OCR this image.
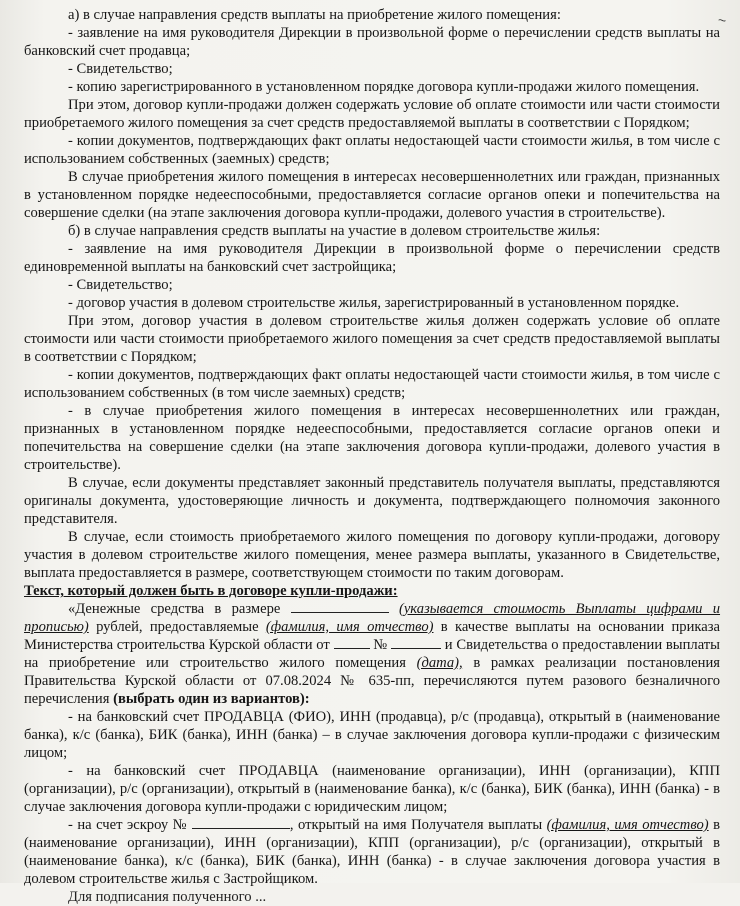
~

а) в случае направления средств выплаты на приобретение жилого помещения:

- заявление на имя руководителя Дирекции в произвольной форме о перечислении средств выплаты на банковский счет продавца;

- Свидетельство;

- копию зарегистрированного в установленном порядке договора купли-продажи жилого помещения.

При этом, договор купли-продажи должен содержать условие об оплате стоимости или части стоимости приобретаемого жилого помещения за счет средств предоставляемой выплаты в соответствии с Порядком;

- копии документов, подтверждающих факт оплаты недостающей части стоимости жилья, в том числе с использованием собственных (заемных) средств;

В случае приобретения жилого помещения в интересах несовершеннолетних или граждан, признанных в установленном порядке недееспособными, предоставляется согласие органов опеки и попечительства на совершение сделки (на этапе заключения договора купли-продажи, долевого участия в строительстве).

б) в случае направления средств выплаты на участие в долевом строительстве жилья:

- заявление на имя руководителя Дирекции в произвольной форме о перечислении средств единовременной выплаты на банковский счет застройщика;

- Свидетельство;

- договор участия в долевом строительстве жилья, зарегистрированный в установленном порядке.

При этом, договор участия в долевом строительстве жилья должен содержать условие об оплате стоимости или части стоимости приобретаемого жилого помещения за счет средств предоставляемой выплаты в соответствии с Порядком;

- копии документов, подтверждающих факт оплаты недостающей части стоимости жилья, в том числе с использованием собственных (в том числе заемных) средств;

- в случае приобретения жилого помещения в интересах несовершеннолетних или граждан, признанных в установленном порядке недееспособными, предоставляется согласие органов опеки и попечительства на совершение сделки (на этапе заключения договора купли-продажи, долевого участия в строительстве).

В случае, если документы представляет законный представитель получателя выплаты, представляются оригиналы документа, удостоверяющие личность и документа, подтверждающего полномочия законного представителя.

В случае, если стоимость приобретаемого жилого помещения по договору купли-продажи, договору участия в долевом строительстве жилого помещения, менее размера выплаты, указанного в Свидетельстве, выплата предоставляется в размере, соответствующем стоимости по таким договорам.

Текст, который должен быть в договоре купли-продажи:

«Денежные средства в размере	(указывается стоимость Выплаты цифрами и прописью) рублей, предоставляемые (фамилия, имя отчество) в качестве выплаты на основании приказа Министерства строительства Курской области от	№	и Свидетельства о предоставлении выплаты на приобретение или строительство жилого помещения (дата), в рамках реализации постановления Правительства Курской области от 07.08.2024 № 635-пп, перечисляются путем разового безналичного перечисления (выбрать один из вариантов):

- на банковский счет ПРОДАВЦА (ФИО), ИНН (продавца), р/с (продавца), открытый в (наименование банка), к/с (банка), БИК (банка), ИНН (банка) – в случае заключения договора купли-продажи с физическим лицом;

- на банковский счет ПРОДАВЦА (наименование организации), ИНН (организации), КПП (организации), р/с (организации), открытый в (наименование банка), к/с (банка), БИК (банка), ИНН (банка) - в случае заключения договора купли-продажи с юридическим лицом;

- на счет эскроу №	, открытый на имя Получателя выплаты (фамилия, имя отчество) в (наименование организации), ИНН (организации), КПП (организации), р/с (организации), открытый в (наименование банка), к/с (банка), БИК (банка), ИНН (банка) - в случае заключения договора участия в долевом строительстве жилья с Застройщиком.

Для подписания полученного ...
